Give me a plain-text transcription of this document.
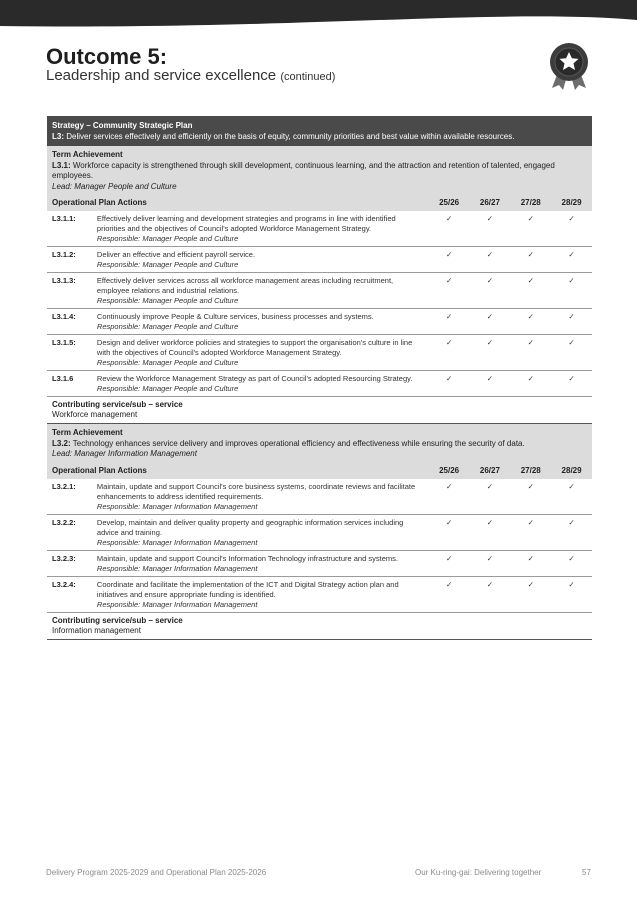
Outcome 5:
Leadership and service excellence (continued)
Strategy – Community Strategic Plan
L3: Deliver services effectively and efficiently on the basis of equity, community priorities and best value within available resources.
Term Achievement
L3.1: Workforce capacity is strengthened through skill development, continuous learning, and the attraction and retention of talented, engaged employees.
Lead: Manager People and Culture
Operational Plan Actions		25/26	26/27	27/28	28/29
L3.1.1:	Effectively deliver learning and development strategies and programs in line with identified priorities and the objectives of Council's adopted Workforce Management Strategy.
Responsible: Manager People and Culture	✓	✓	✓	✓
L3.1.2:	Deliver an effective and efficient payroll service.
Responsible: Manager People and Culture	✓	✓	✓	✓
L3.1.3:	Effectively deliver services across all workforce management areas including recruitment, employee relations and industrial relations.
Responsible: Manager People and Culture	✓	✓	✓	✓
L3.1.4:	Continuously improve People & Culture services, business processes and systems.
Responsible: Manager People and Culture	✓	✓	✓	✓
L3.1.5:	Design and deliver workforce policies and strategies to support the organisation's culture in line with the objectives of Council's adopted Workforce Management Strategy.
Responsible: Manager People and Culture	✓	✓	✓	✓
L3.1.6	Review the Workforce Management Strategy as part of Council's adopted Resourcing Strategy.
Responsible: Manager People and Culture	✓	✓	✓	✓
Contributing service/sub – service
Workforce management
Term Achievement
L3.2: Technology enhances service delivery and improves operational efficiency and effectiveness while ensuring the security of data.
Lead: Manager Information Management
Operational Plan Actions		25/26	26/27	27/28	28/29
L3.2.1:	Maintain, update and support Council's core business systems, coordinate reviews and facilitate enhancements to address identified requirements.
Responsible: Manager Information Management	✓	✓	✓	✓
L3.2.2:	Develop, maintain and deliver quality property and geographic information services including advice and training.
Responsible: Manager Information Management	✓	✓	✓	✓
L3.2.3:	Maintain, update and support Council's Information Technology infrastructure and systems.
Responsible: Manager Information Management	✓	✓	✓	✓
L3.2.4:	Coordinate and facilitate the implementation of the ICT and Digital Strategy action plan and initiatives and ensure appropriate funding is identified.
Responsible: Manager Information Management	✓	✓	✓	✓
Contributing service/sub – service
Information management
Delivery Program 2025-2029 and Operational Plan 2025-2026	Our Ku-ring-gai: Delivering together	57
